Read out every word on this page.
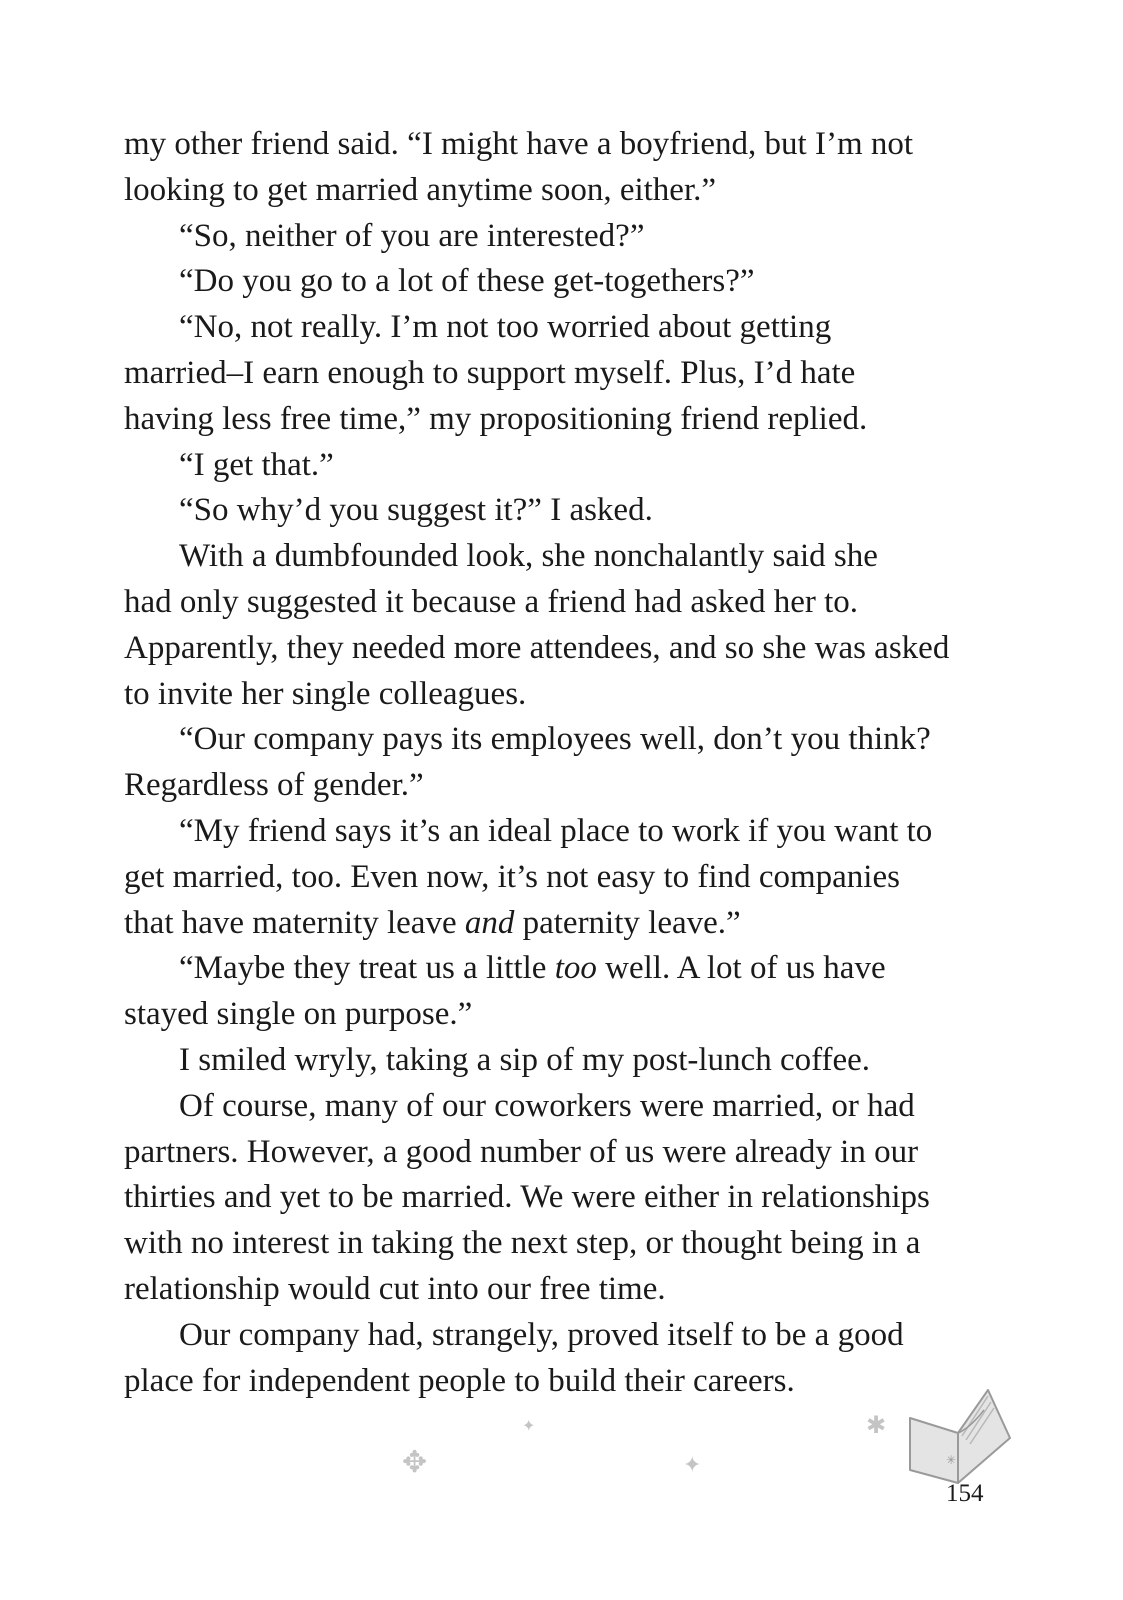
my other friend said. “I might have a boyfriend, but I’m not
looking to get married anytime soon, either.”

“So, neither of you are interested?”

“Do you go to a lot of these get-togethers?”

“No, not really. I’m not too worried about getting
married–I earn enough to support myself. Plus, I’d hate
having less free time,” my propositioning friend replied.

“I get that.”

“So why’d you suggest it?” I asked.

With a dumbfounded look, she nonchalantly said she
had only suggested it because a friend had asked her to.
Apparently, they needed more attendees, and so she was asked
to invite her single colleagues.

“Our company pays its employees well, don’t you think?
Regardless of gender.”

“My friend says it’s an ideal place to work if you want to
get married, too. Even now, it’s not easy to find companies
that have maternity leave and paternity leave.”

“Maybe they treat us a little too well. A lot of us have
stayed single on purpose.”

I smiled wryly, taking a sip of my post-lunch coffee.

Of course, many of our coworkers were married, or had
partners. However, a good number of us were already in our
thirties and yet to be married. We were either in relationships
with no interest in taking the next step, or thought being in a
relationship would cut into our free time.

Our company had, strangely, proved itself to be a good
place for independent people to build their careers.

✦
✥	✦
✱
✳
154
